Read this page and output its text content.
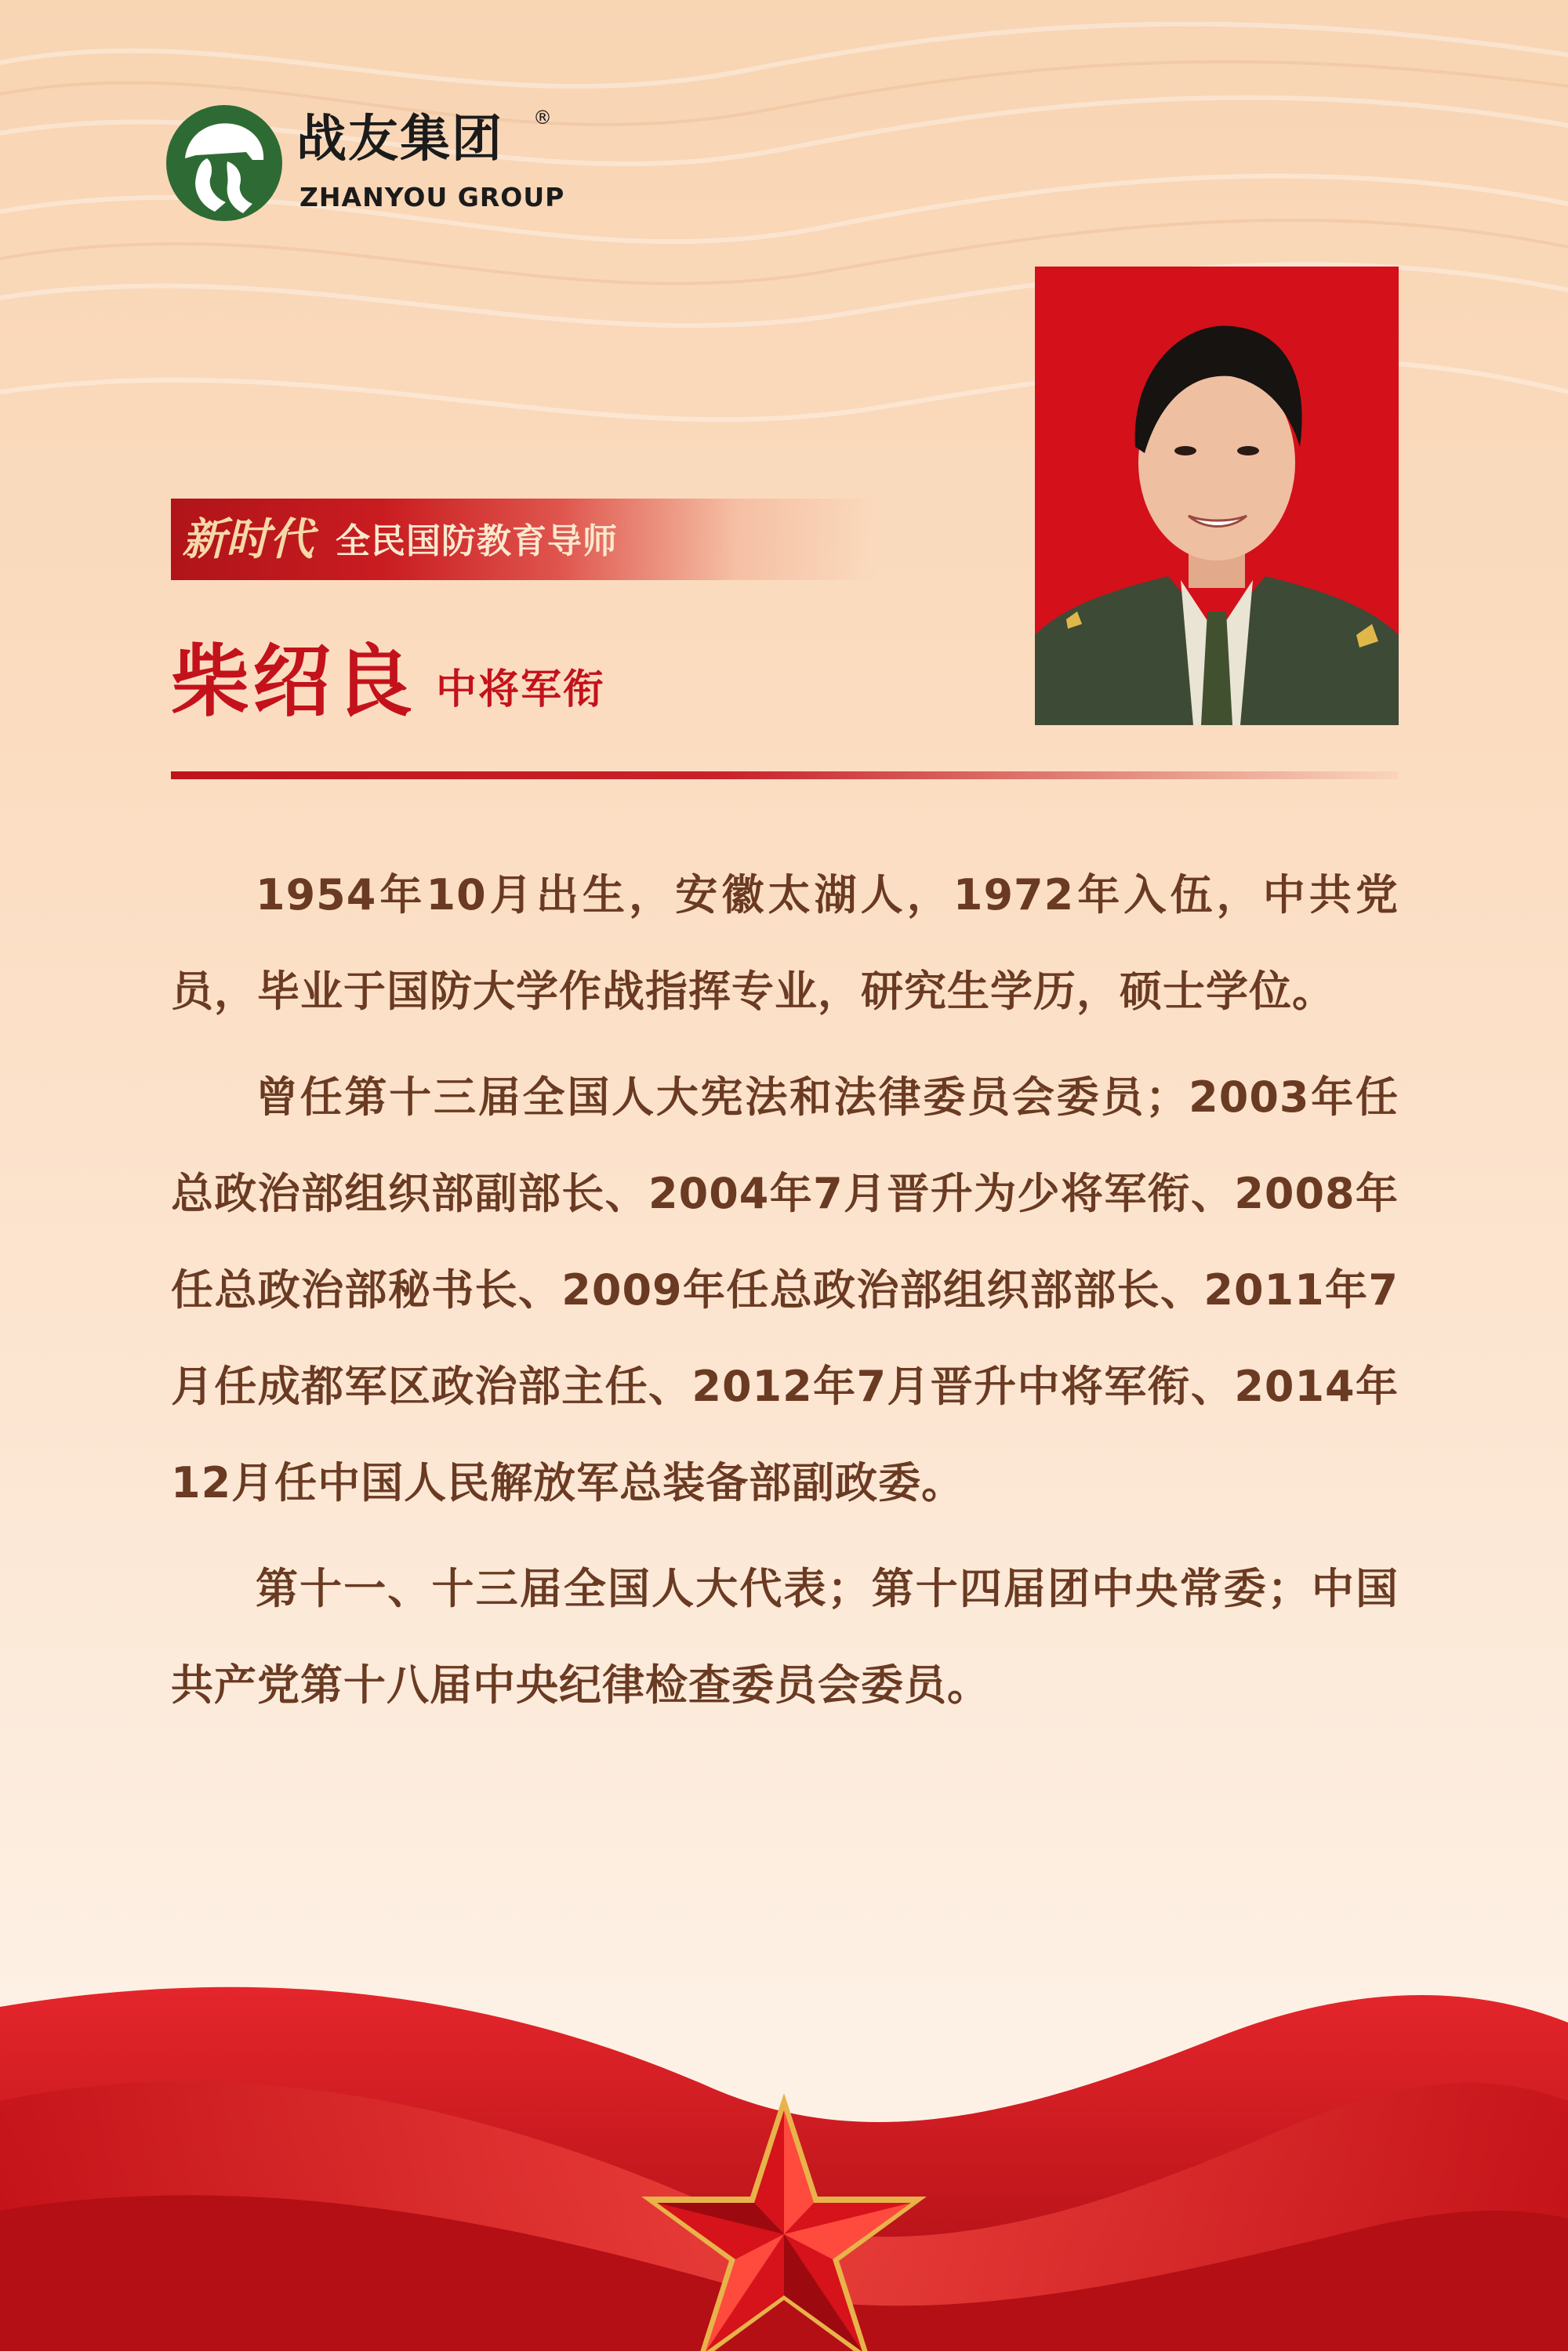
战友集团 ®
ZHANYOU GROUP
新时代 全民国防教育导师
柴绍良 中将军衔

1954年10月出生，安徽太湖人，1972年入伍，中共党员，毕业于国防大学作战指挥专业，研究生学历，硕士学位。

曾任第十三届全国人大宪法和法律委员会委员；2003年任总政治部组织部副部长、2004年7月晋升为少将军衔、2008年任总政治部秘书长、2009年任总政治部组织部部长、2011年7月任成都军区政治部主任、2012年7月晋升中将军衔、2014年12月任中国人民解放军总装备部副政委。

第十一、十三届全国人大代表；第十四届团中央常委；中国共产党第十八届中央纪律检查委员会委员。
